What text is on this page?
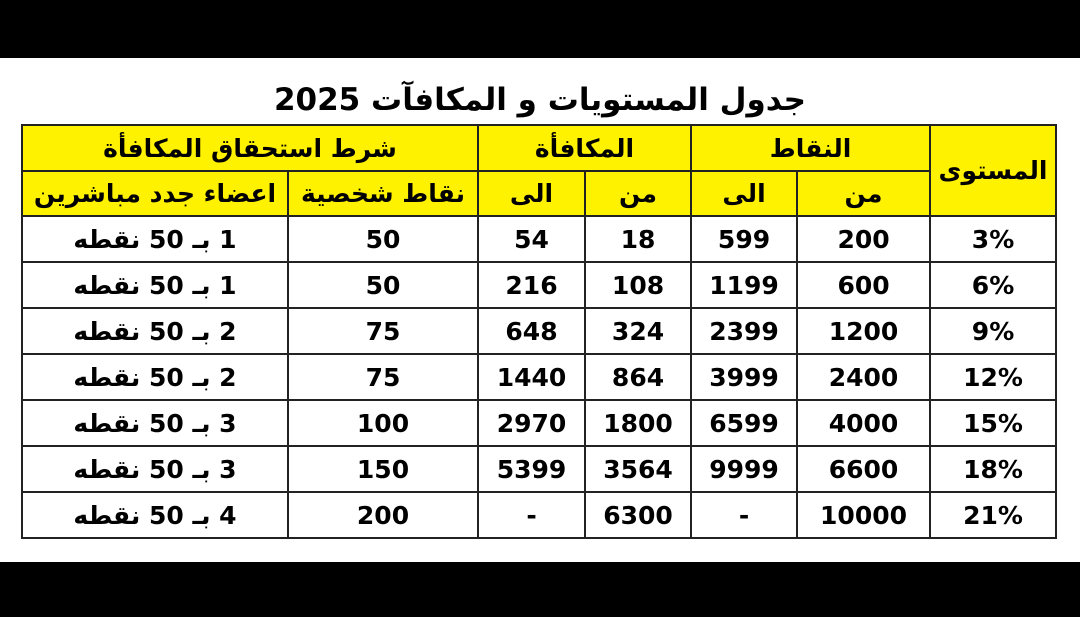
جدول المستويات و المكافآت 2025
المستوى	النقاط		المكافأة		شرط استحقاق المكافأة	
	من	الى	من	الى	نقاط شخصية	اعضاء جدد مباشرين
3%	200	599	18	54	50	1 بـ 50 نقطه
6%	600	1199	108	216	50	1 بـ 50 نقطه
9%	1200	2399	324	648	75	2 بـ 50 نقطه
12%	2400	3999	864	1440	75	2 بـ 50 نقطه
15%	4000	6599	1800	2970	100	3 بـ 50 نقطه
18%	6600	9999	3564	5399	150	3 بـ 50 نقطه
21%	10000	-	6300	-	200	4 بـ 50 نقطه
